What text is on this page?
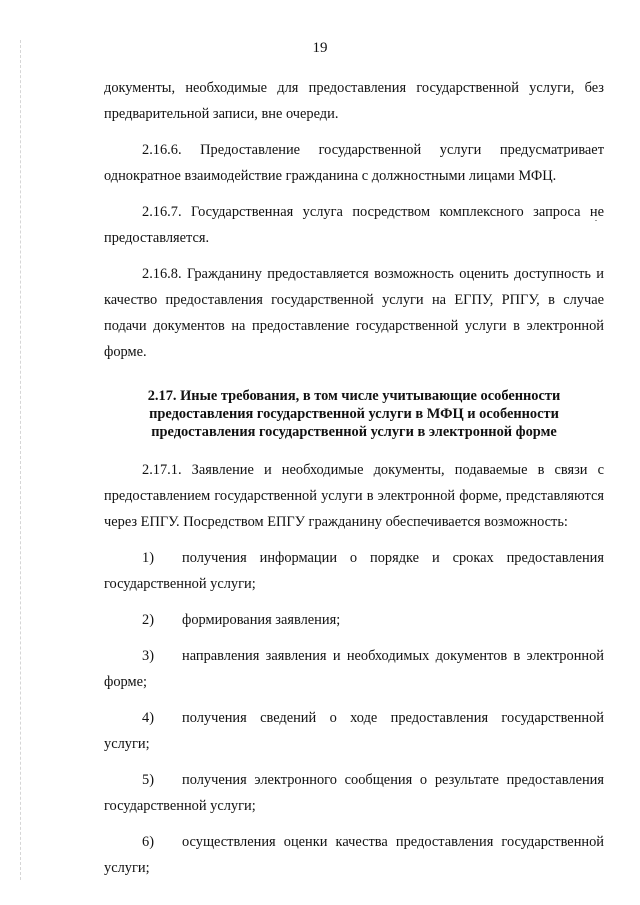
19

документы, необходимые для предоставления государственной услуги, без предварительной записи, вне очереди.

2.16.6. Предоставление государственной услуги предусматривает однократное взаимодействие гражданина с должностными лицами МФЦ.

2.16.7. Государственная услуга посредством комплексного запроса не предоставляется.

2.16.8. Гражданину предоставляется возможность оценить доступность и качество предоставления государственной услуги на ЕГПУ, РПГУ, в случае подачи документов на предоставление государственной услуги в электронной форме.

2.17. Иные требования, в том числе учитывающие особенности предоставления государственной услуги в МФЦ и особенности предоставления государственной услуги в электронной форме

2.17.1. Заявление и необходимые документы, подаваемые в связи с предоставлением государственной услуги в электронной форме, представляются через ЕПГУ. Посредством ЕПГУ гражданину обеспечивается возможность:

1) получения информации о порядке и сроках предоставления государственной услуги;

2) формирования заявления;

3) направления заявления и необходимых документов в электронной форме;

4) получения сведений о ходе предоставления государственной услуги;

5) получения электронного сообщения о результате предоставления государственной услуги;

6) осуществления оценки качества предоставления государственной услуги;
